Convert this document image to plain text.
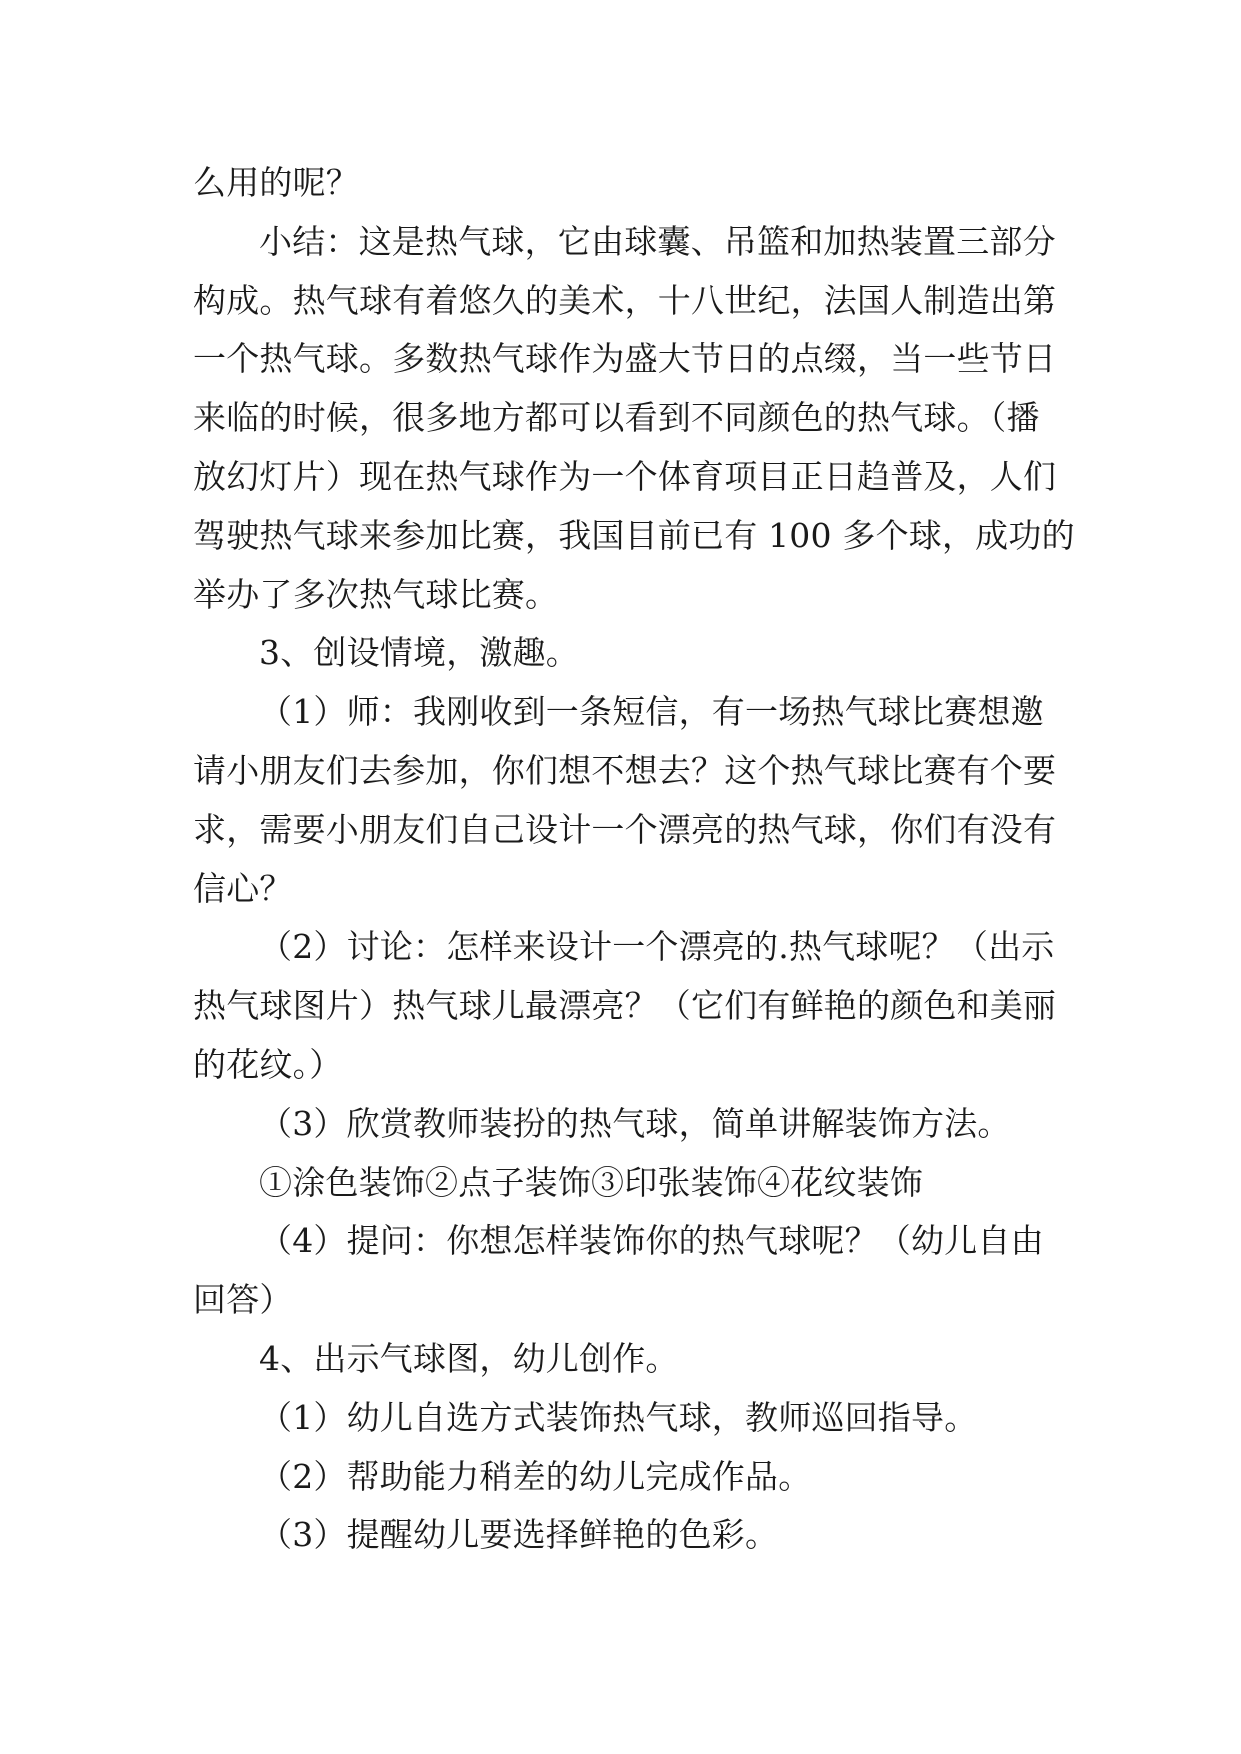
么用的呢？
小结：这是热气球，它由球囊、吊篮和加热装置三部分
构成。热气球有着悠久的美术，十八世纪，法国人制造出第
一个热气球。多数热气球作为盛大节日的点缀，当一些节日
来临的时候，很多地方都可以看到不同颜色的热气球。（播
放幻灯片）现在热气球作为一个体育项目正日趋普及，人们
驾驶热气球来参加比赛，我国目前已有 100 多个球，成功的
举办了多次热气球比赛。
3、创设情境，激趣。
（1）师：我刚收到一条短信，有一场热气球比赛想邀
请小朋友们去参加，你们想不想去？这个热气球比赛有个要
求，需要小朋友们自己设计一个漂亮的热气球，你们有没有
信心？
（2）讨论：怎样来设计一个漂亮的.热气球呢？（出示
热气球图片）热气球儿最漂亮？（它们有鲜艳的颜色和美丽
的花纹。）
（3）欣赏教师装扮的热气球，简单讲解装饰方法。
①涂色装饰②点子装饰③印张装饰④花纹装饰
（4）提问：你想怎样装饰你的热气球呢？（幼儿自由
回答）
4、出示气球图，幼儿创作。
（1）幼儿自选方式装饰热气球，教师巡回指导。
（2）帮助能力稍差的幼儿完成作品。
（3）提醒幼儿要选择鲜艳的色彩。
